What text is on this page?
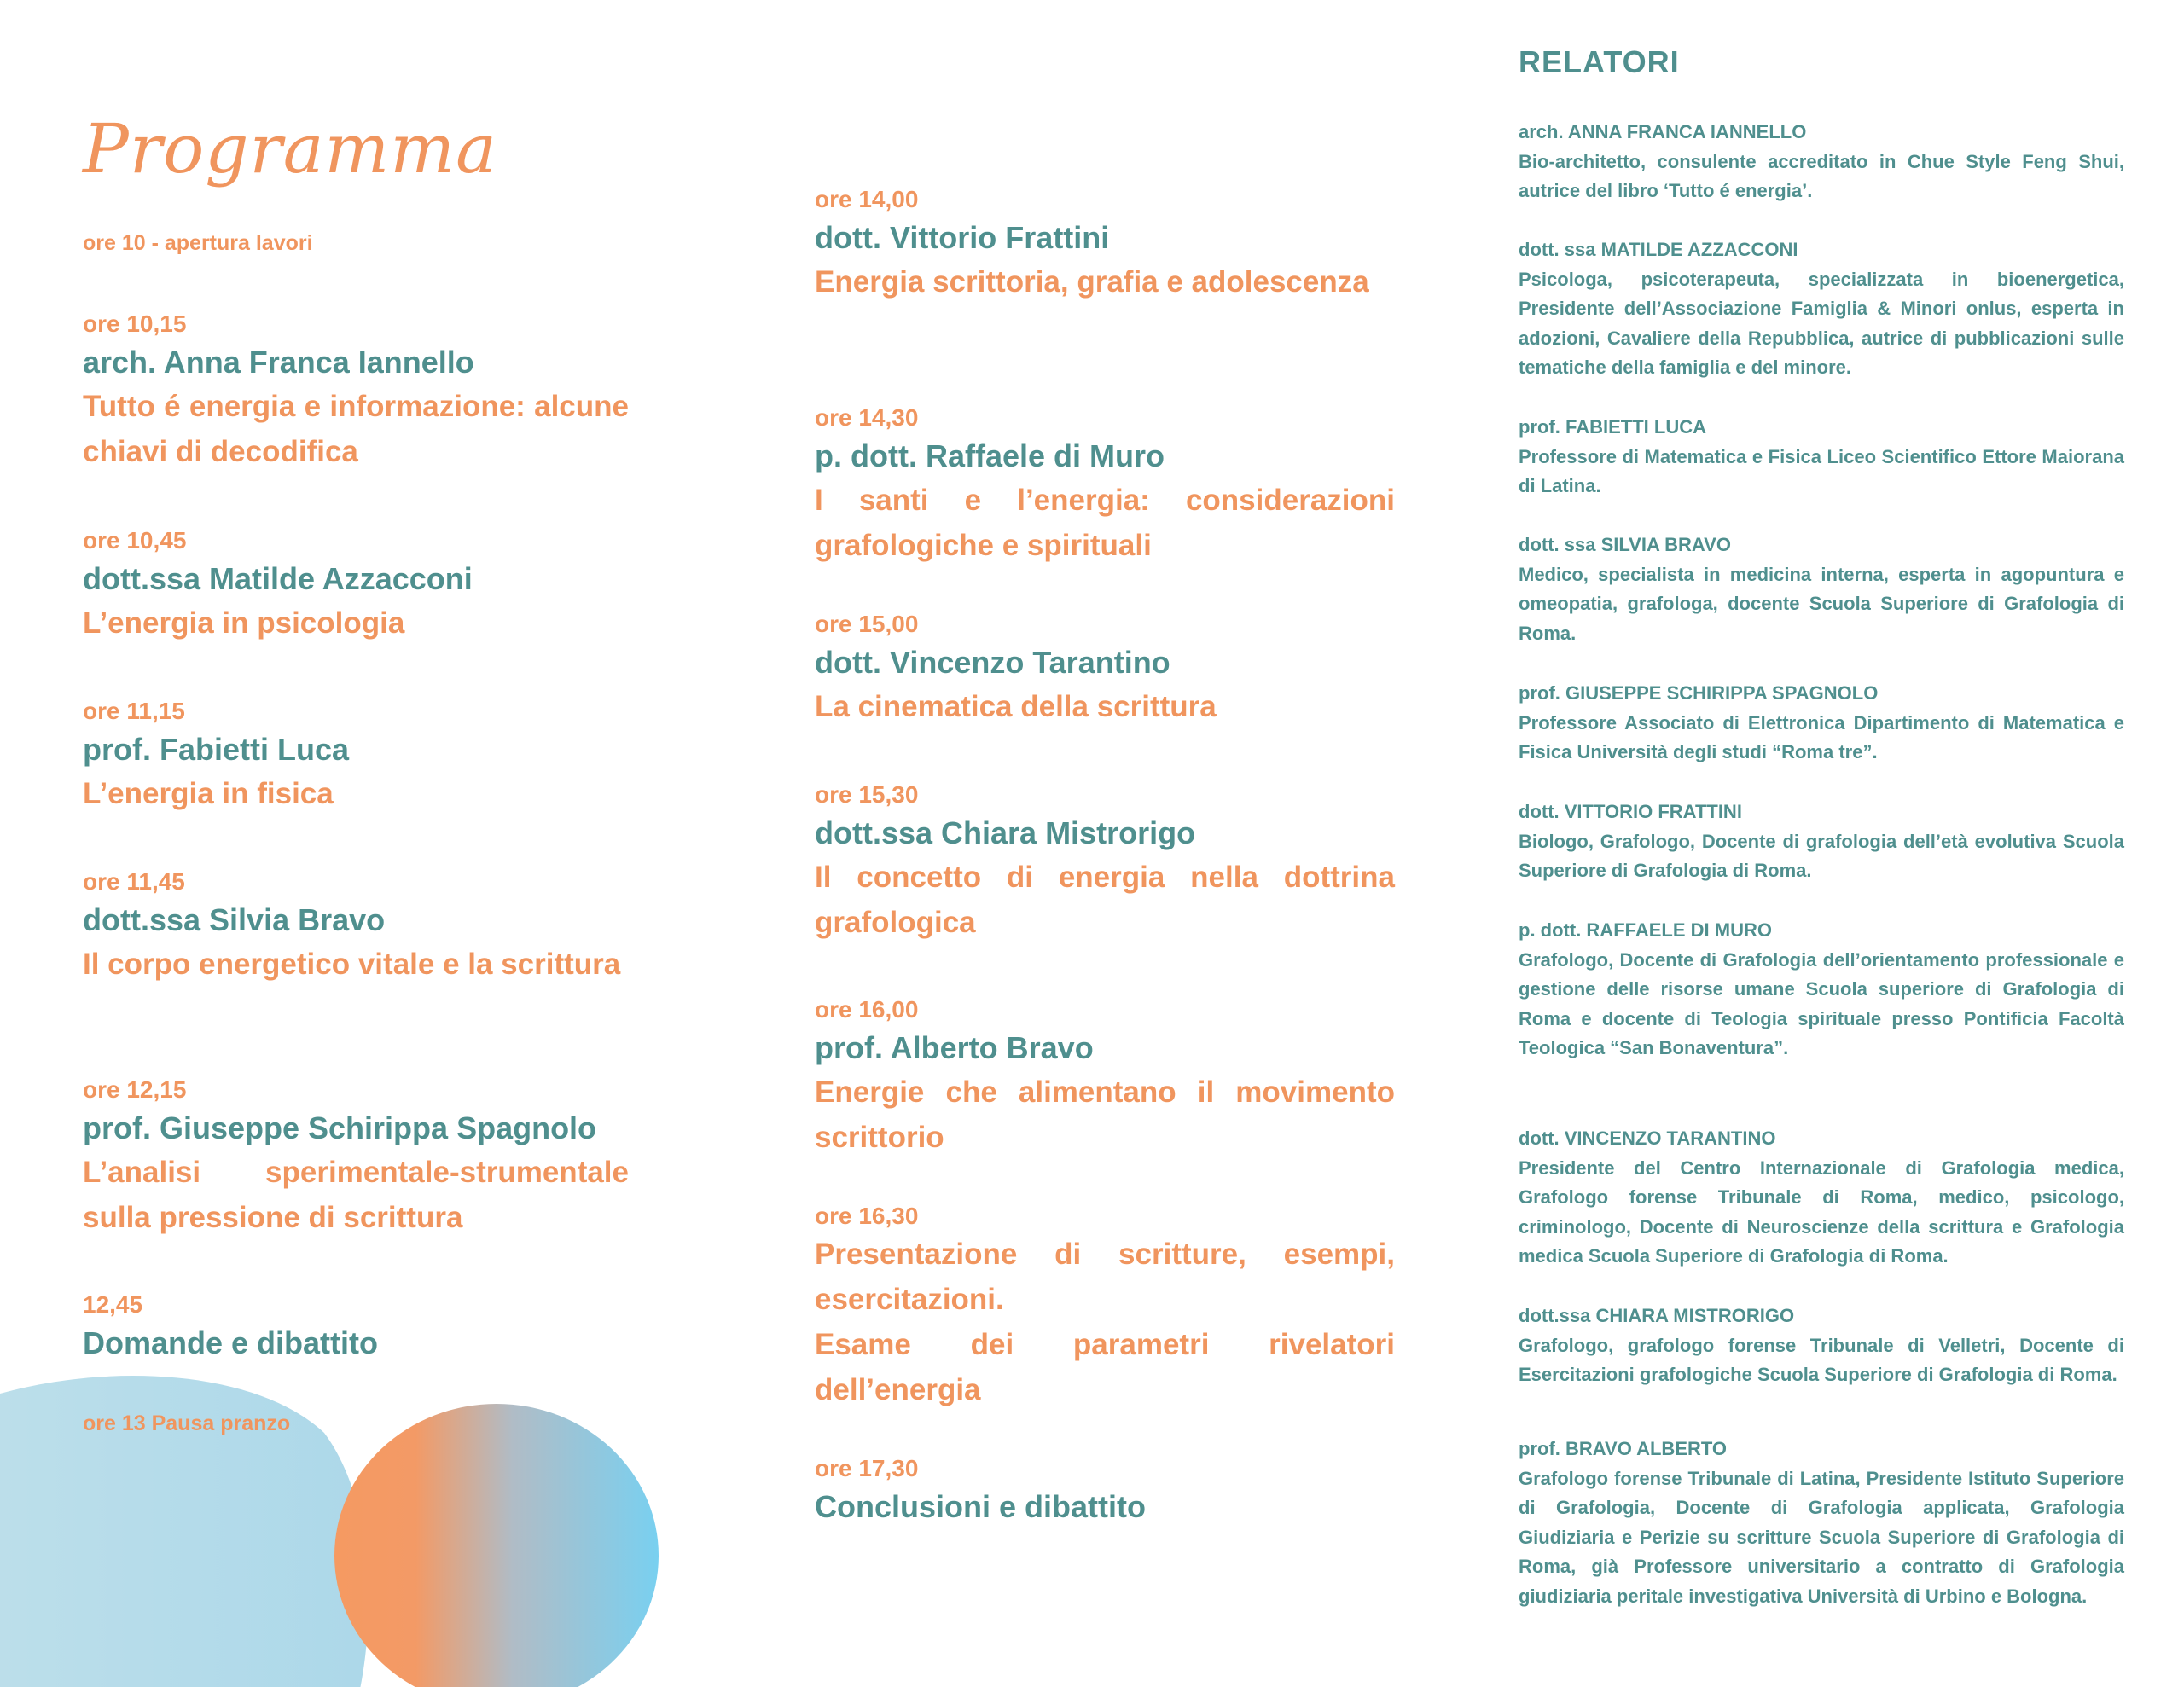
Programma
ore 10 - apertura lavori
ore 10,15
arch. Anna Franca Iannello
Tutto é energia e informazione: alcune chiavi di decodifica
ore 10,45
dott.ssa Matilde Azzacconi
L’energia in psicologia
ore 11,15
prof. Fabietti Luca
L’energia in fisica
ore 11,45
dott.ssa Silvia Bravo
Il corpo energetico vitale e la scrittura
ore 12,15
prof. Giuseppe Schirippa Spagnolo
L’analisi sperimentale-strumentale sulla pressione di scrittura
12,45
Domande e dibattito
ore 13 Pausa pranzo
ore 14,00
dott. Vittorio Frattini
Energia scrittoria, grafia e adolescenza
ore 14,30
p. dott. Raffaele di Muro
I santi e l’energia: considerazioni grafologiche e spirituali
ore 15,00
dott. Vincenzo Tarantino
La cinematica della scrittura
ore 15,30
dott.ssa Chiara Mistrorigo
Il concetto di energia nella dottrina grafologica
ore 16,00
prof. Alberto Bravo
Energie che alimentano il movimento scrittorio
ore 16,30
Presentazione di scritture, esempi, esercitazioni.
Esame dei parametri rivelatori dell’energia
ore 17,30
Conclusioni e dibattito
RELATORI
arch. ANNA FRANCA IANNELLO
Bio-architetto, consulente accreditato in Chue Style Feng Shui, autrice del libro ‘Tutto é energia’.
dott. ssa MATILDE AZZACCONI
Psicologa, psicoterapeuta, specializzata in bioenergetica, Presidente dell’Associazione Famiglia & Minori onlus, esperta in adozioni, Cavaliere della Repubblica, autrice di pubblicazioni sulle tematiche della famiglia e del minore.
prof. FABIETTI LUCA
Professore di Matematica e Fisica Liceo Scientifico Ettore Maiorana di Latina.
dott. ssa SILVIA BRAVO
Medico, specialista in medicina interna, esperta in agopuntura e omeopatia, grafologa, docente Scuola Superiore di Grafologia di Roma.
prof. GIUSEPPE SCHIRIPPA SPAGNOLO
Professore Associato di Elettronica Dipartimento di Matematica e Fisica Università degli studi “Roma tre”.
dott. VITTORIO FRATTINI
Biologo, Grafologo, Docente di grafologia dell’età evolutiva Scuola Superiore di Grafologia di Roma.
p. dott. RAFFAELE DI MURO
Grafologo, Docente di Grafologia dell’orientamento professionale e gestione delle risorse umane Scuola superiore di Grafologia di Roma e docente di Teologia spirituale presso Pontificia Facoltà Teologica “San Bonaventura”.
dott. VINCENZO TARANTINO
Presidente del Centro Internazionale di Grafologia medica, Grafologo forense Tribunale di Roma, medico, psicologo, criminologo, Docente di Neuroscienze della scrittura e Grafologia medica Scuola Superiore di Grafologia di Roma.
dott.ssa CHIARA MISTRORIGO
Grafologo, grafologo forense Tribunale di Velletri, Docente di Esercitazioni grafologiche Scuola Superiore di Grafologia di Roma.
prof. BRAVO ALBERTO
Grafologo forense Tribunale di Latina, Presidente Istituto Superiore di Grafologia, Docente di Grafologia applicata, Grafologia Giudiziaria e Perizie su scritture Scuola Superiore di Grafologia di Roma, già Professore universitario a contratto di Grafologia giudiziaria peritale investigativa Università di Urbino e Bologna.
